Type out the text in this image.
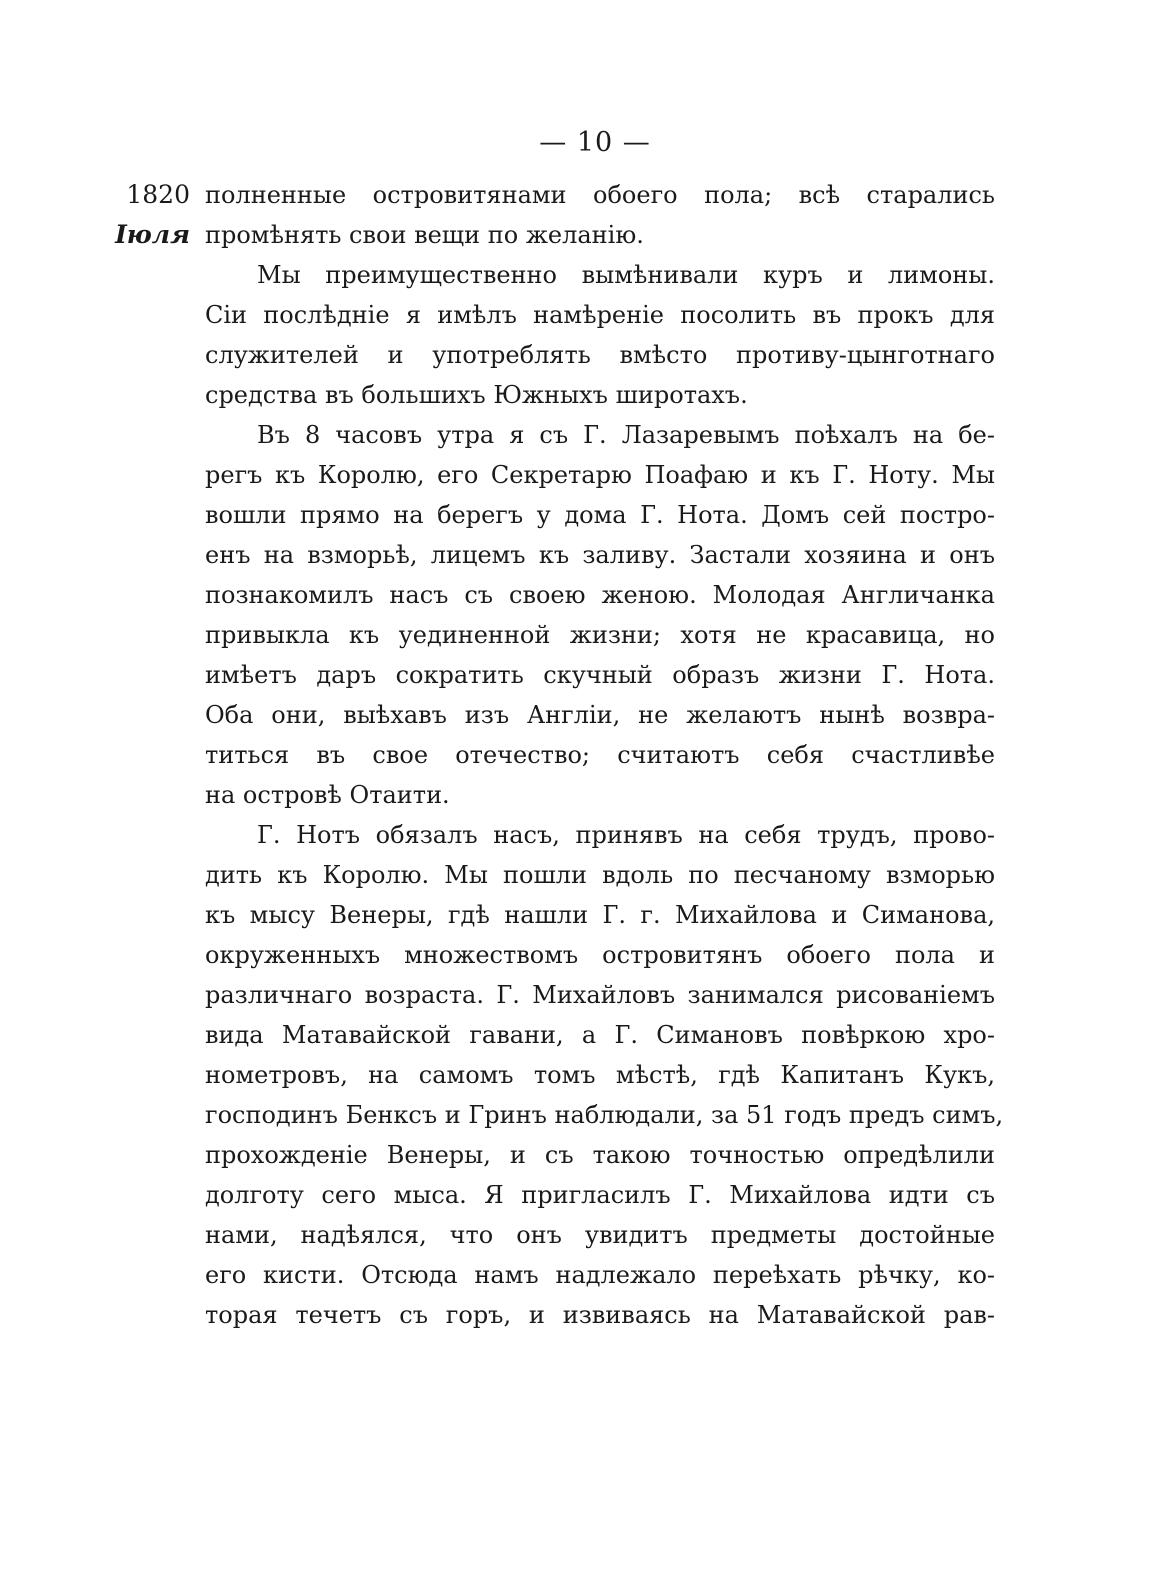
— 10 —
1820
Іюля
полненные островитянами обоего пола; всѣ старались
промѣнять свои вещи по желанію.
Мы преимущественно вымѣнивали куръ и лимоны.
Сіи послѣдніе я имѣлъ намѣреніе посолить въ прокъ для
служителей и употреблять вмѣсто противу-цынготнаго
средства въ большихъ Южныхъ широтахъ.
Въ 8 часовъ утра я съ Г. Лазаревымъ поѣхалъ на бе-
регъ къ Королю, его Секретарю Поафаю и къ Г. Ноту. Мы
вошли прямо на берегъ у дома Г. Нота. Домъ сей постро-
енъ на взморьѣ, лицемъ къ заливу. Застали хозяина и онъ
познакомилъ насъ съ своею женою. Молодая Англичанка
привыкла къ уединенной жизни; хотя не красавица, но
имѣетъ даръ сократить скучный образъ жизни Г. Нота.
Оба они, выѣхавъ изъ Англіи, не желаютъ нынѣ возвра-
титься въ свое отечество; считаютъ себя счастливѣе
на островѣ Отаити.
Г. Нотъ обязалъ насъ, принявъ на себя трудъ, прово-
дить къ Королю. Мы пошли вдоль по песчаному взморью
къ мысу Венеры, гдѣ нашли Г. г. Михайлова и Симанова,
окруженныхъ множествомъ островитянъ обоего пола и
различнаго возраста. Г. Михайловъ занимался рисованіемъ
вида Матавайской гавани, а Г. Симановъ повѣркою хро-
нометровъ, на самомъ томъ мѣстѣ, гдѣ Капитанъ Кукъ,
господинъ Бенксъ и Гринъ наблюдали, за 51 годъ предъ симъ,
прохожденіе Венеры, и съ такою точностью опредѣлили
долготу сего мыса. Я пригласилъ Г. Михайлова идти съ
нами, надѣялся, что онъ увидитъ предметы достойные
его кисти. Отсюда намъ надлежало переѣхать рѣчку, ко-
торая течетъ съ горъ, и извиваясь на Матавайской рав-
